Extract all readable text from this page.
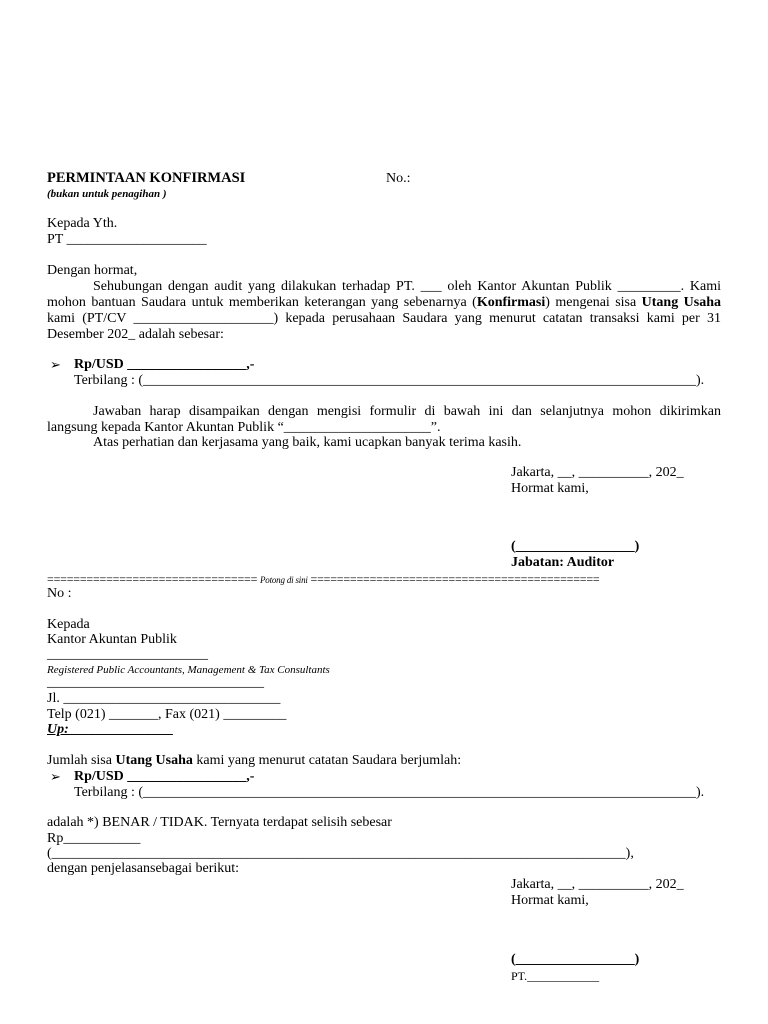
PERMINTAAN KONFIRMASI	No.:
(bukan untuk penagihan )
Kepada Yth.
PT ____________________
Dengan hormat,
Sehubungan dengan audit yang dilakukan terhadap PT. ___ oleh Kantor Akuntan Publik _________. Kami
mohon bantuan Saudara untuk memberikan keterangan yang sebenarnya (Konfirmasi) mengenai sisa Utang Usaha
kami (PT/CV ____________________) kepada perusahaan Saudara yang menurut catatan transaksi kami per 31
Desember 202_ adalah sebesar:
➢ Rp/USD _________________,-
Terbilang : (_______________________________________________________________________________).
Jawaban harap disampaikan dengan mengisi formulir di bawah ini dan selanjutnya mohon dikirimkan
langsung kepada Kantor Akuntan Publik “_____________________”.
Atas perhatian dan kerjasama yang baik, kami ucapkan banyak terima kasih.
Jakarta, __, __________, 202_
Hormat kami,
(_________________)
Jabatan: Auditor
================================ Potong di sini ============================================
No :
Kepada
Kantor Akuntan Publik
_______________________
Registered Public Accountants, Management & Tax Consultants
_______________________________
Jl. _______________________________
Telp (021) _______, Fax (021) _________
Up:_______________
Jumlah sisa Utang Usaha kami yang menurut catatan Saudara berjumlah:
➢ Rp/USD _________________,-
Terbilang : (_______________________________________________________________________________).
adalah *) BENAR / TIDAK. Ternyata terdapat selisih sebesar
Rp___________
(__________________________________________________________________________________),
dengan penjelasansebagai berikut:
Jakarta, __, __________, 202_
Hormat kami,
(_________________)
PT.____________
